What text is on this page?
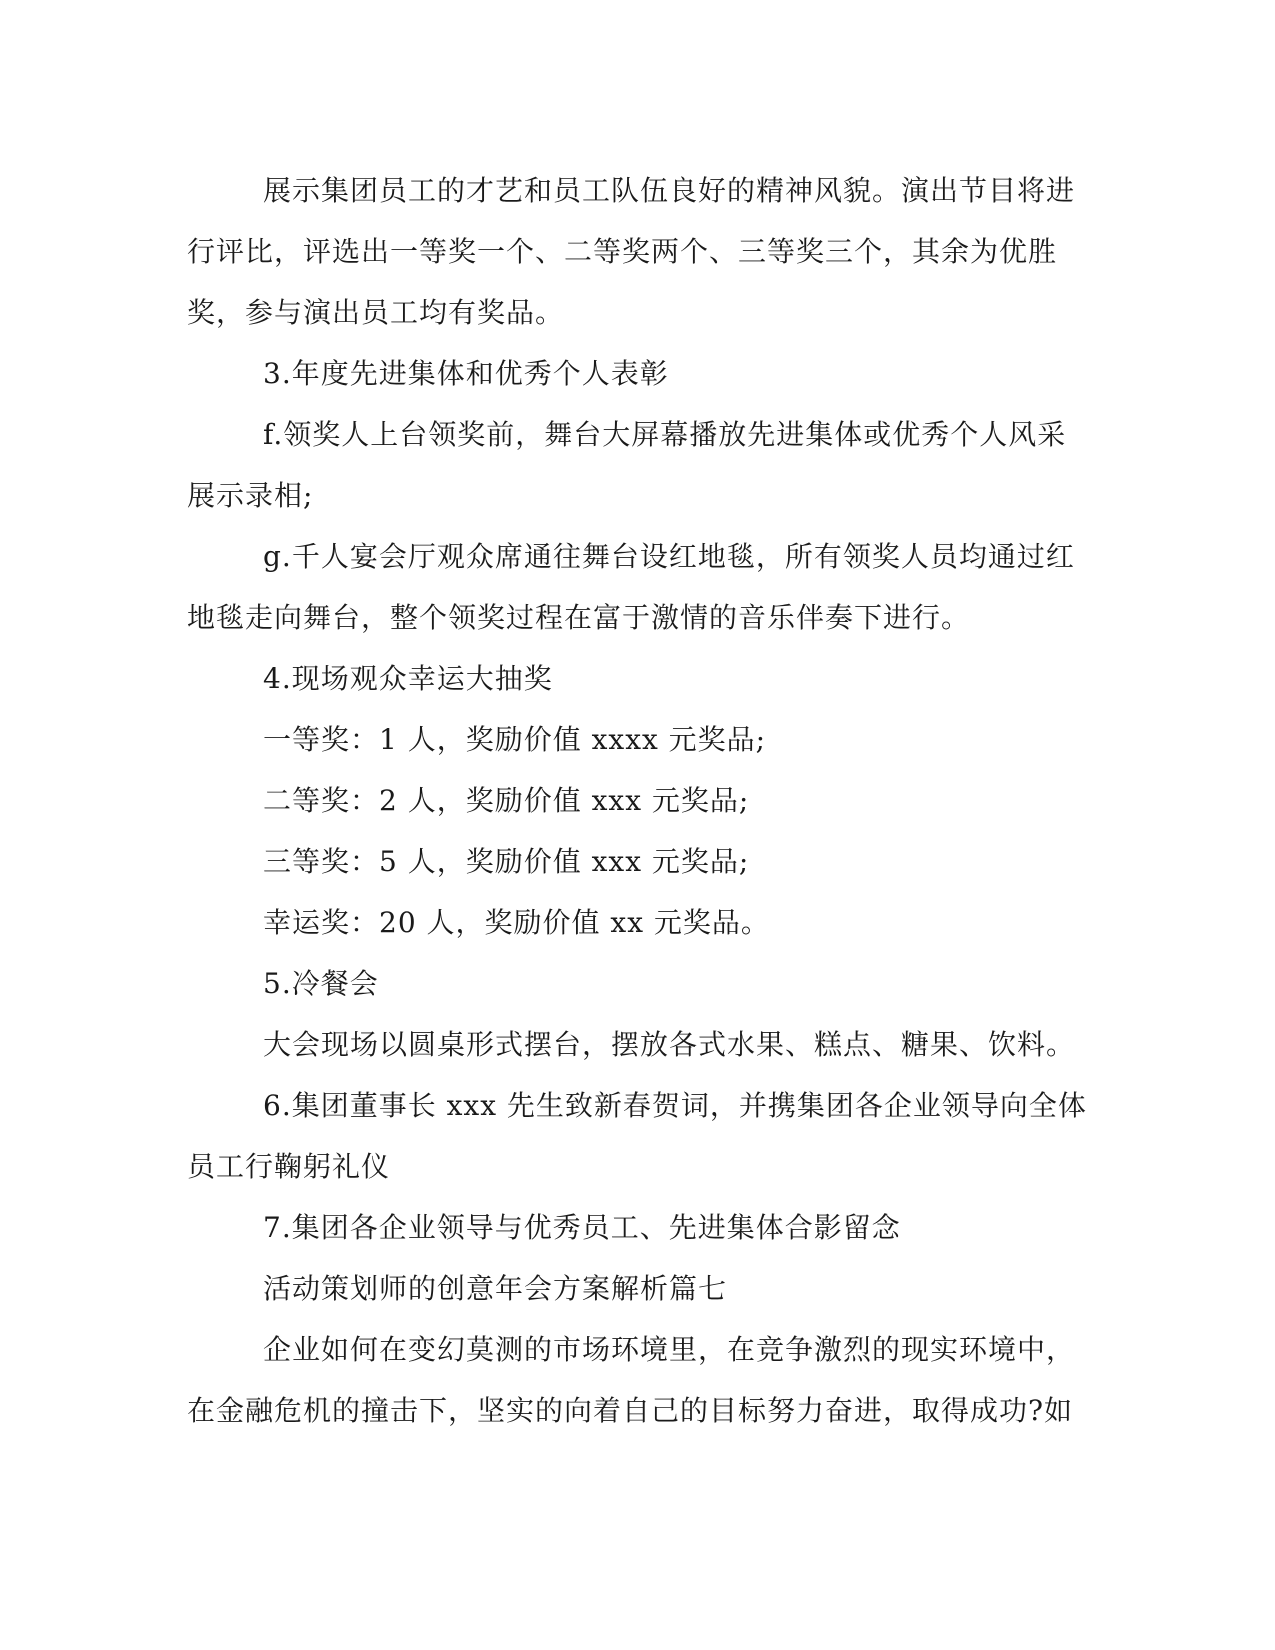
展示集团员工的才艺和员工队伍良好的精神风貌。演出节目将进
行评比，评选出一等奖一个、二等奖两个、三等奖三个，其余为优胜
奖，参与演出员工均有奖品。
3.年度先进集体和优秀个人表彰
f.领奖人上台领奖前，舞台大屏幕播放先进集体或优秀个人风采
展示录相;
g.千人宴会厅观众席通往舞台设红地毯，所有领奖人员均通过红
地毯走向舞台，整个领奖过程在富于激情的音乐伴奏下进行。
4.现场观众幸运大抽奖
一等奖：1 人，奖励价值 xxxx 元奖品;
二等奖：2 人，奖励价值 xxx 元奖品;
三等奖：5 人，奖励价值 xxx 元奖品;
幸运奖：20 人，奖励价值 xx 元奖品。
5.冷餐会
大会现场以圆桌形式摆台，摆放各式水果、糕点、糖果、饮料。
6.集团董事长 xxx 先生致新春贺词，并携集团各企业领导向全体
员工行鞠躬礼仪
7.集团各企业领导与优秀员工、先进集体合影留念
活动策划师的创意年会方案解析篇七
企业如何在变幻莫测的市场环境里，在竞争激烈的现实环境中，
在金融危机的撞击下，坚实的向着自己的目标努力奋进，取得成功?如
